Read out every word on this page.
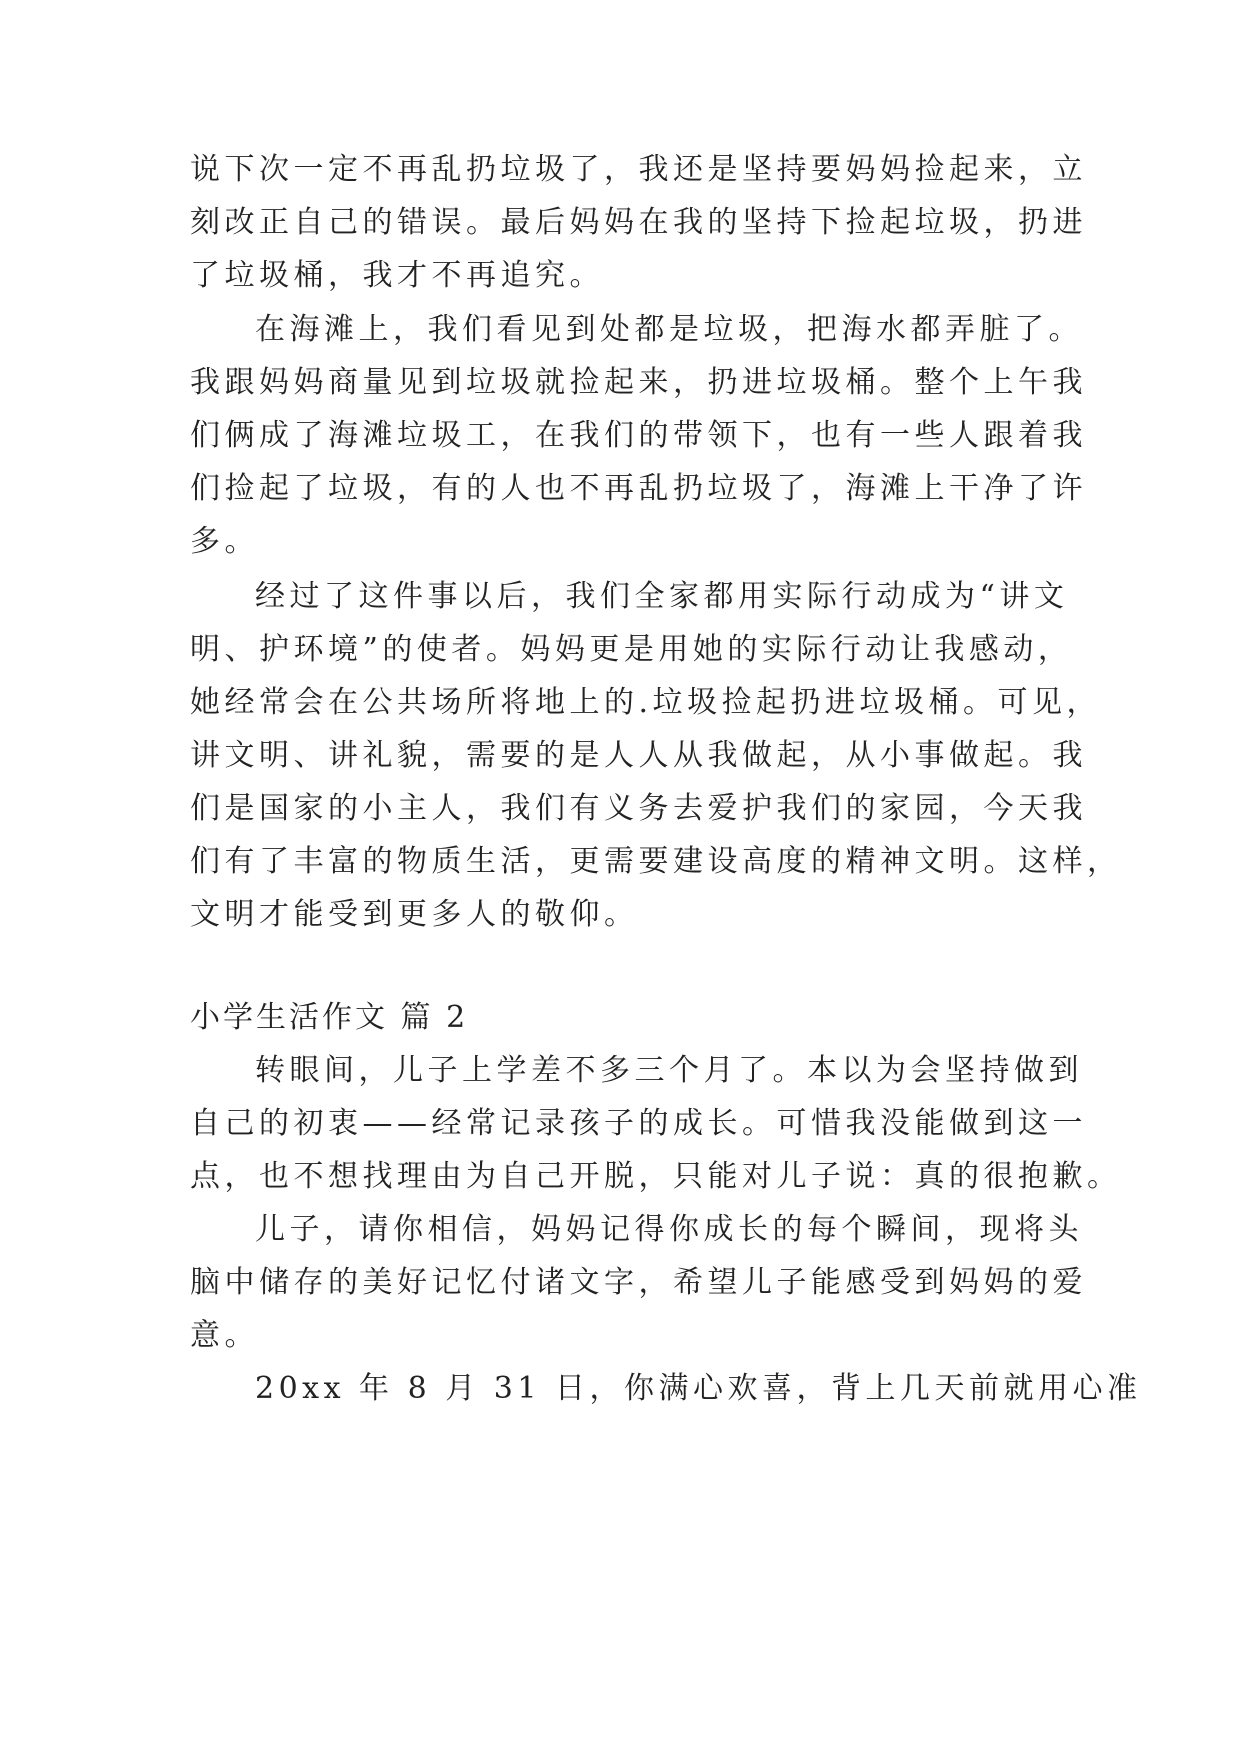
说下次一定不再乱扔垃圾了，我还是坚持要妈妈捡起来，立
刻改正自己的错误。最后妈妈在我的坚持下捡起垃圾，扔进
了垃圾桶，我才不再追究。
在海滩上，我们看见到处都是垃圾，把海水都弄脏了。
我跟妈妈商量见到垃圾就捡起来，扔进垃圾桶。整个上午我
们俩成了海滩垃圾工，在我们的带领下，也有一些人跟着我
们捡起了垃圾，有的人也不再乱扔垃圾了，海滩上干净了许
多。
经过了这件事以后，我们全家都用实际行动成为“讲文
明、护环境”的使者。妈妈更是用她的实际行动让我感动，
她经常会在公共场所将地上的.垃圾捡起扔进垃圾桶。可见，
讲文明、讲礼貌，需要的是人人从我做起，从小事做起。我
们是国家的小主人，我们有义务去爱护我们的家园，今天我
们有了丰富的物质生活，更需要建设高度的精神文明。这样，
文明才能受到更多人的敬仰。
小学生活作文 篇 2
转眼间，儿子上学差不多三个月了。本以为会坚持做到
自己的初衷——经常记录孩子的成长。可惜我没能做到这一
点，也不想找理由为自己开脱，只能对儿子说：真的很抱歉。
儿子，请你相信，妈妈记得你成长的每个瞬间，现将头
脑中储存的美好记忆付诸文字，希望儿子能感受到妈妈的爱
意。
20xx 年 8 月 31 日，你满心欢喜，背上几天前就用心准
